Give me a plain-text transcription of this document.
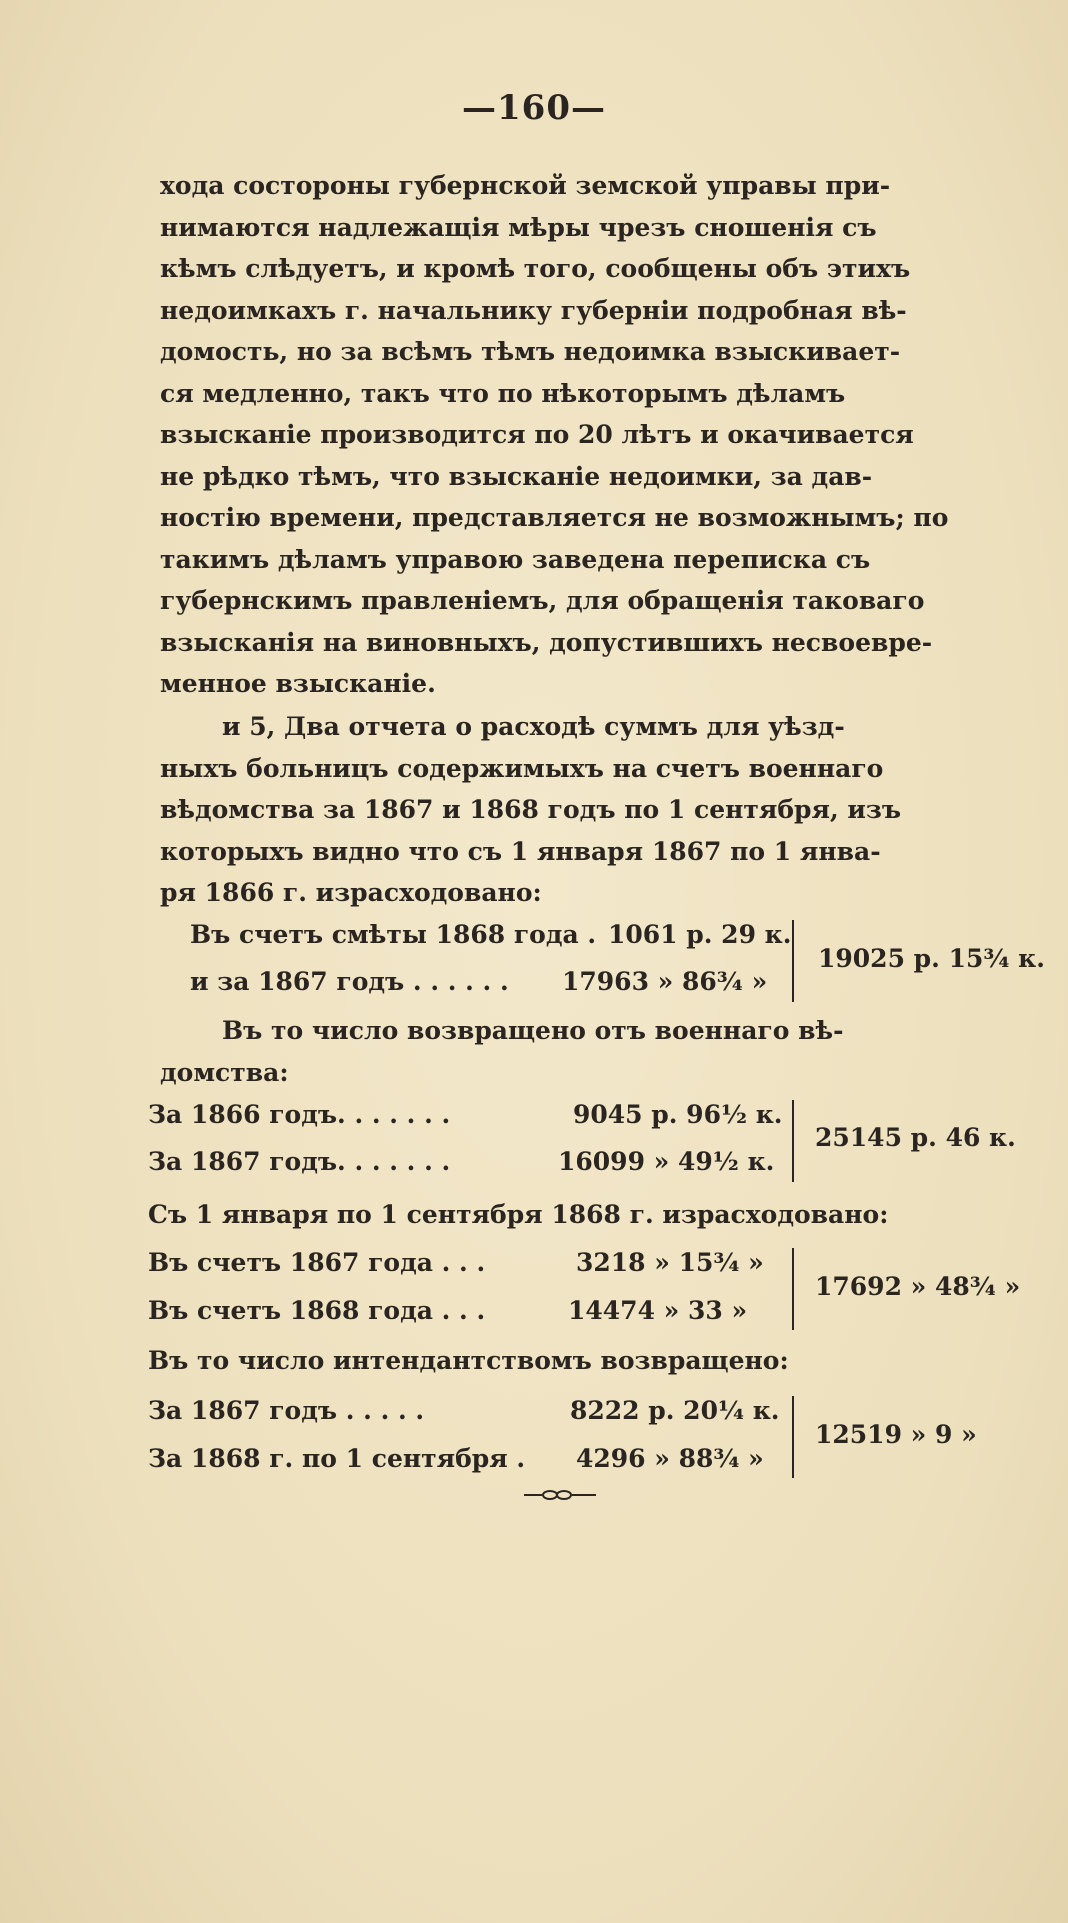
—160—
хода состороны губернской земской управы при-
нимаются надлежащія мѣры чрезъ сношенія съ
кѣмъ слѣдуетъ, и кромѣ того, сообщены объ этихъ
недоимкахъ г. начальнику губерніи подробная вѣ-
домость, но за всѣмъ тѣмъ недоимка взыскивает-
ся медленно, такъ что по нѣкоторымъ дѣламъ
взысканіе производится по 20 лѣтъ и окачивается
не рѣдко тѣмъ, что взысканіе недоимки, за дав-
ностію времени, представляется не возможнымъ; по
такимъ дѣламъ управою заведена переписка съ
губернскимъ правленіемъ, для обращенія таковаго
взысканія на виновныхъ, допустившихъ несвоевре-
менное взысканіе.
и 5, Два отчета о расходѣ суммъ для уѣзд-
ныхъ больницъ содержимыхъ на счетъ военнаго
вѣдомства за 1867 и 1868 годъ по 1 сентября, изъ
которыхъ видно что съ 1 января 1867 по 1 янва-
ря 1866 г. израсходовано:
Въ счетъ смѣты 1868 года . 1061 р. 29 к.
и за 1867 годъ . . . . . . 17963 » 86¾ »
19025 р. 15¾ к.
Въ то число возвращено отъ военнаго вѣ-
домства:
За 1866 годъ. . . . . . .	9045 р. 96½ к.
За 1867 годъ. . . . . . .	16099 » 49½ к.
25145 р. 46 к.
Съ 1 января по 1 сентября 1868 г. израсходовано:
Въ счетъ 1867 года . . .	3218 » 15¾ »
Въ счетъ 1868 года . . .	14474 » 33 »
17692 » 48¾ »
Въ то число интендантствомъ возвращено:
За 1867 годъ . . . . .	8222 р. 20¼ к.
За 1868 г. по 1 сентября . 4296 » 88¾ »
12519 » 9 »
